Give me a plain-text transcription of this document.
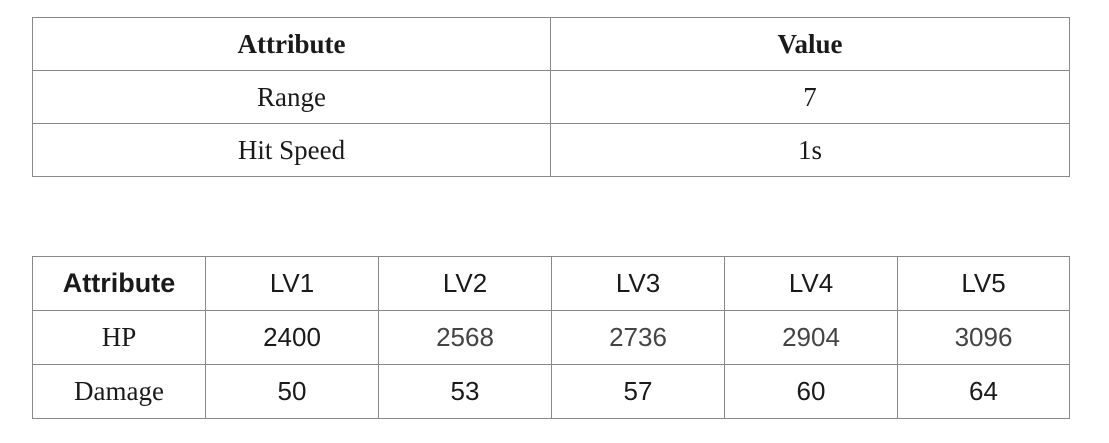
Attribute	Value
Range	7
Hit Speed	1s
Attribute	LV1	LV2	LV3	LV4	LV5
HP	2400	2568	2736	2904	3096
Damage	50	53	57	60	64
